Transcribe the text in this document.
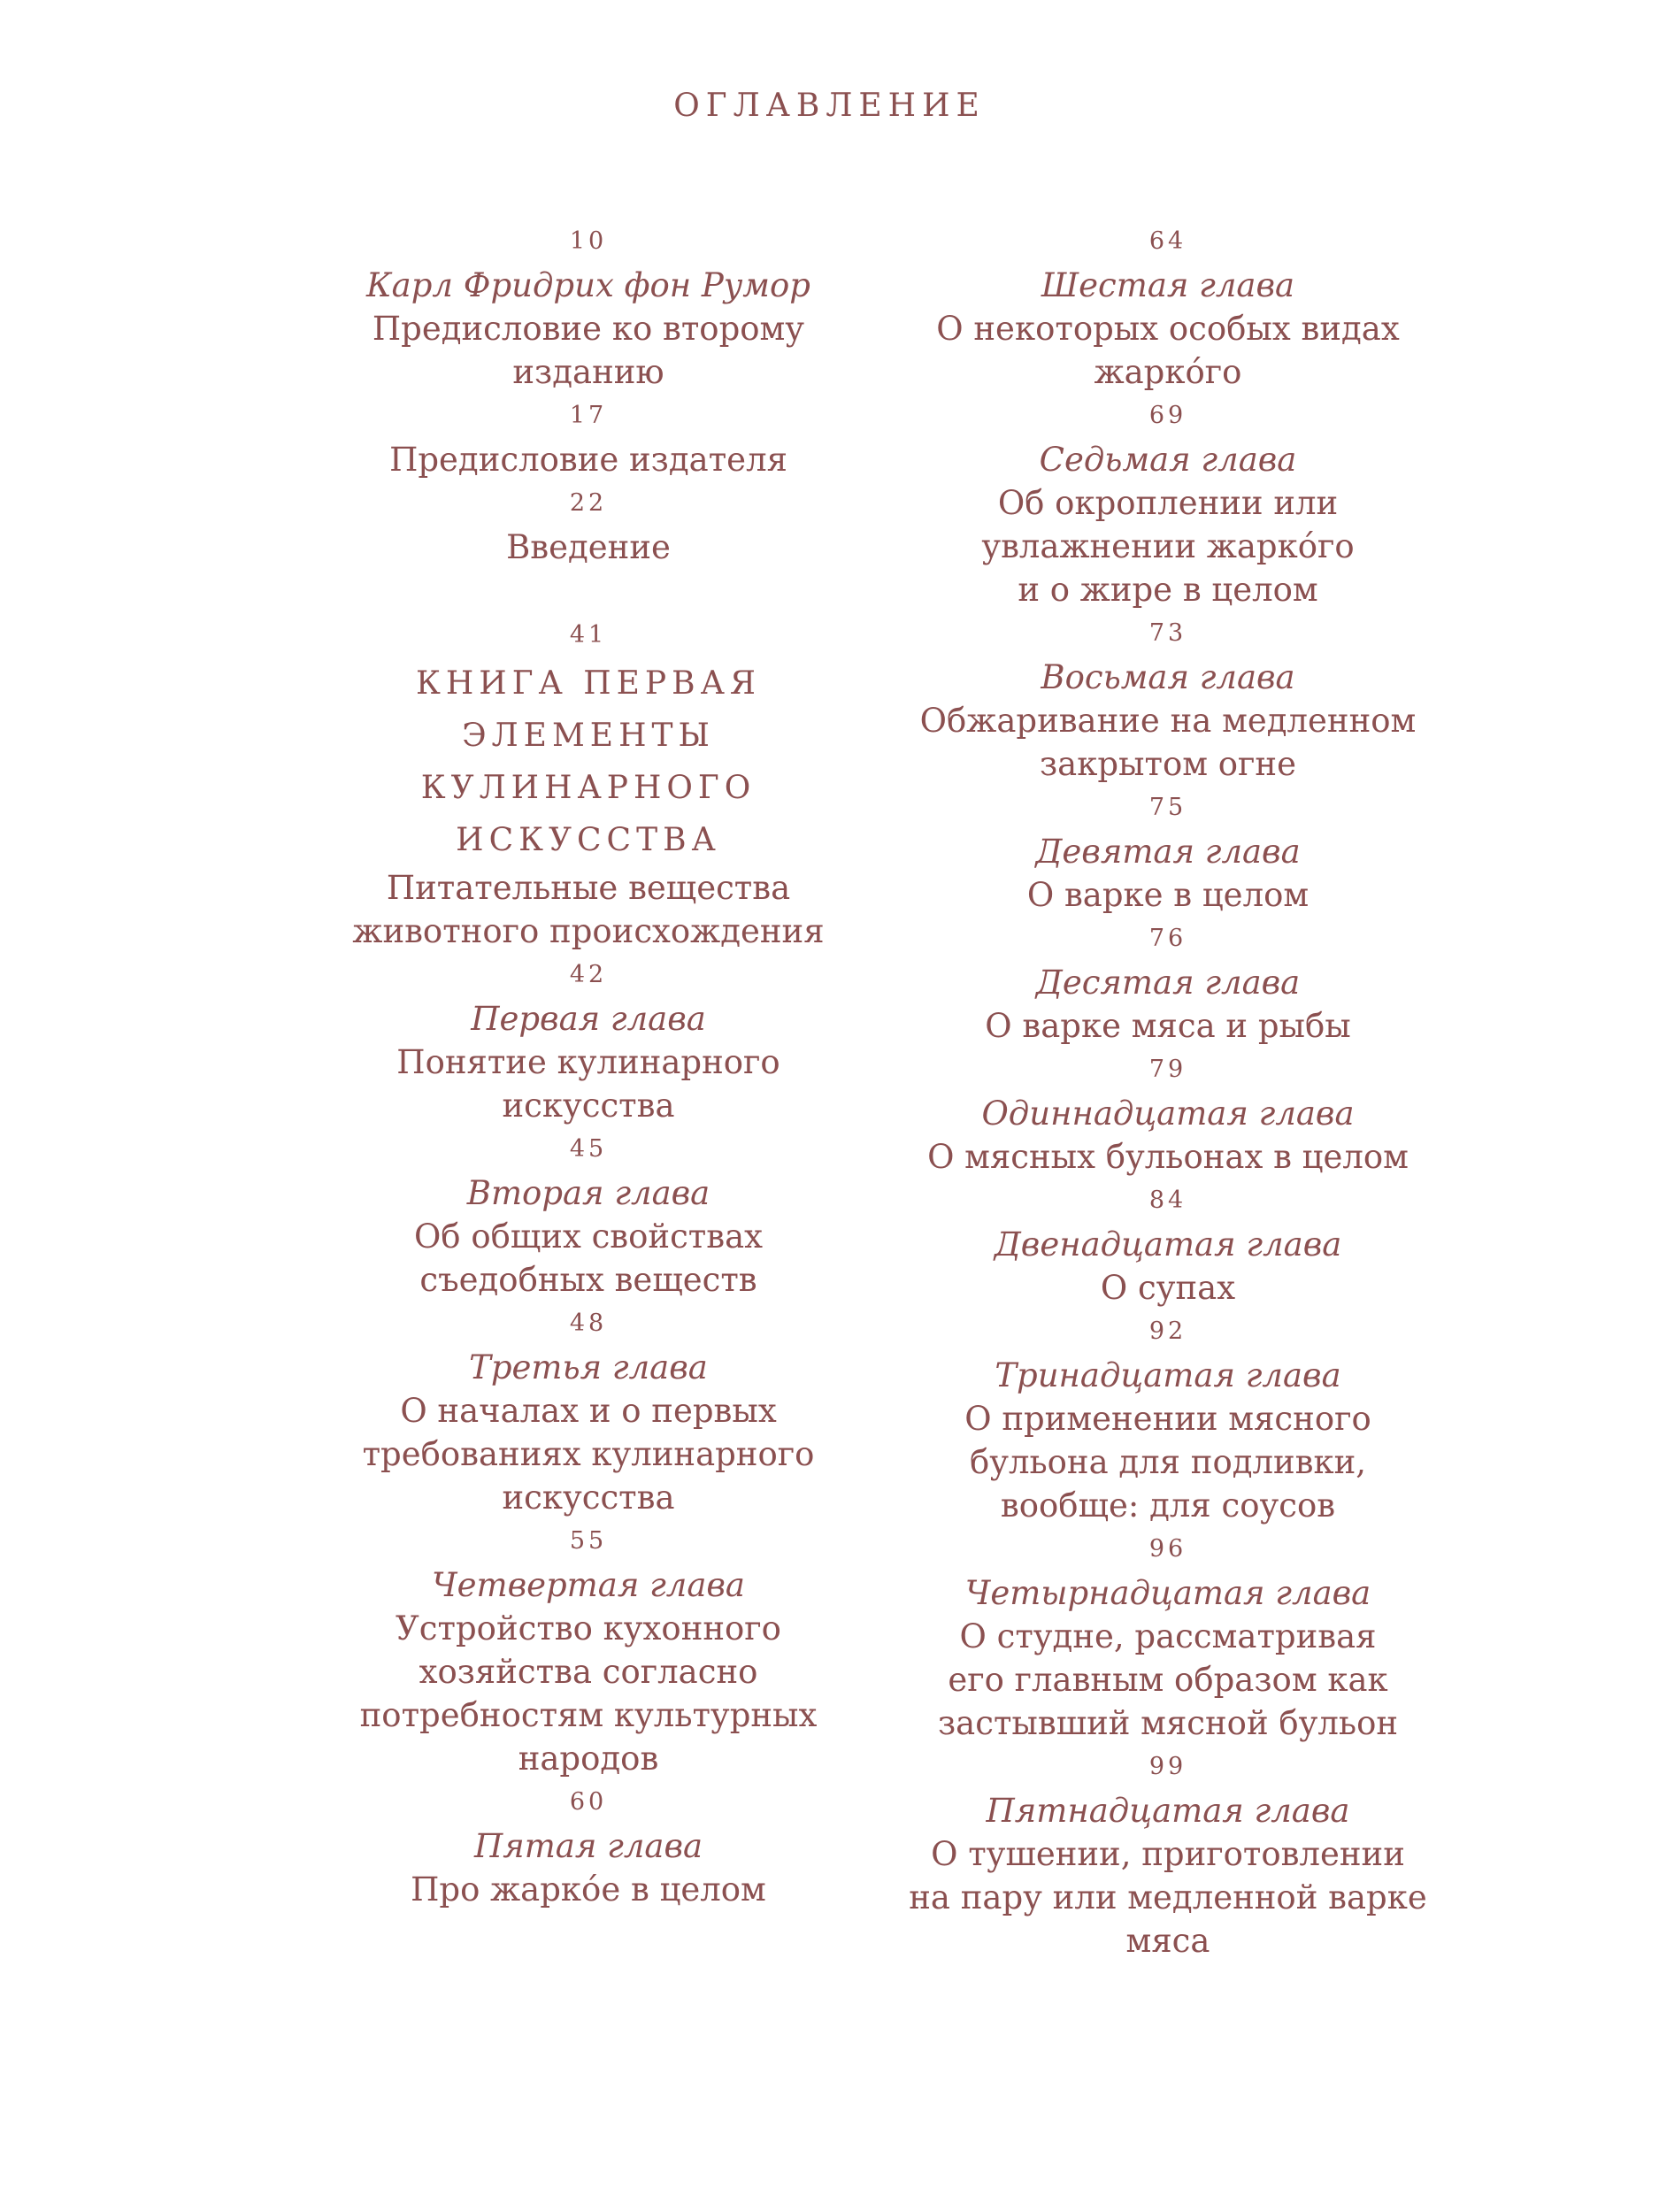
ОГЛАВЛЕНИЕ
10
Карл Фридрих фон Румор
Предисловие ко второму
изданию
17
Предисловие издателя
22
Введение
41
КНИГА ПЕРВАЯ
ЭЛЕМЕНТЫ
КУЛИНАРНОГО
ИСКУССТВА
Питательные вещества
животного происхождения
42
Первая глава
Понятие кулинарного
искусства
45
Вторая глава
Об общих свойствах
съедобных веществ
48
Третья глава
О началах и о первых
требованиях кулинарного
искусства
55
Четвертая глава
Устройство кухонного
хозяйства согласно
потребностям культурных
народов
60
Пятая глава
Про жаркóе в целом
64
Шестая глава
О некоторых особых видах
жаркóго
69
Седьмая глава
Об окроплении или
увлажнении жаркóго
и о жире в целом
73
Восьмая глава
Обжаривание на медленном
закрытом огне
75
Девятая глава
О варке в целом
76
Десятая глава
О варке мяса и рыбы
79
Одиннадцатая глава
О мясных бульонах в целом
84
Двенадцатая глава
О супах
92
Тринадцатая глава
О применении мясного
бульона для подливки,
вообще: для соусов
96
Четырнадцатая глава
О студне, рассматривая
его главным образом как
застывший мясной бульон
99
Пятнадцатая глава
О тушении, приготовлении
на пару или медленной варке
мяса
